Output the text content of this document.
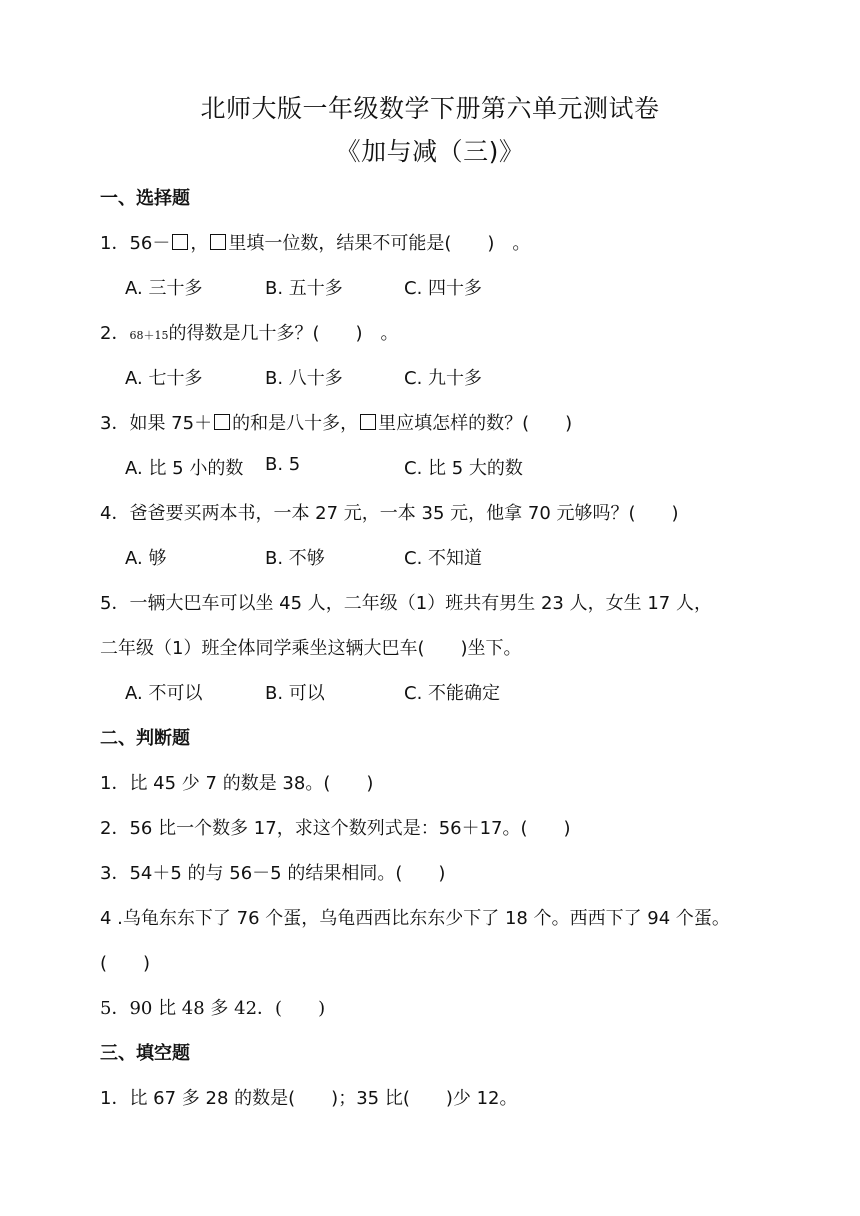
北师大版一年级数学下册第六单元测试卷
《加与减（三)》
一、选择题
1．56－ ， 里填一位数，结果不可能是(　　)　。
A. 三十多	B. 五十多	C. 四十多
2．68＋15的得数是几十多？(　　)　。
A. 七十多	B. 八十多	C. 九十多
3．如果 75＋ 的和是八十多， 里应填怎样的数？(　　)
A. 比 5 小的数 B. 5	C. 比 5 大的数
4．爸爸要买两本书，一本 27 元，一本 35 元，他拿 70 元够吗？(　　)
A. 够	B. 不够	C. 不知道
5．一辆大巴车可以坐 45 人，二年级（1）班共有男生 23 人，女生 17 人，
二年级（1）班全体同学乘坐这辆大巴车(　　)坐下。
A. 不可以	B. 可以	C. 不能确定
二、判断题
1．比 45 少 7 的数是 38。(　　)
2．56 比一个数多 17，求这个数列式是：56＋17。(　　)
3．54＋5 的与 56－5 的结果相同。(　　)
4 .乌龟东东下了 76 个蛋，乌龟西西比东东少下了 18 个。西西下了 94 个蛋。
(　　)
5．90 比 48 多 42．(　　)
三、填空题
1．比 67 多 28 的数是(　　)；35 比(　　)少 12。
